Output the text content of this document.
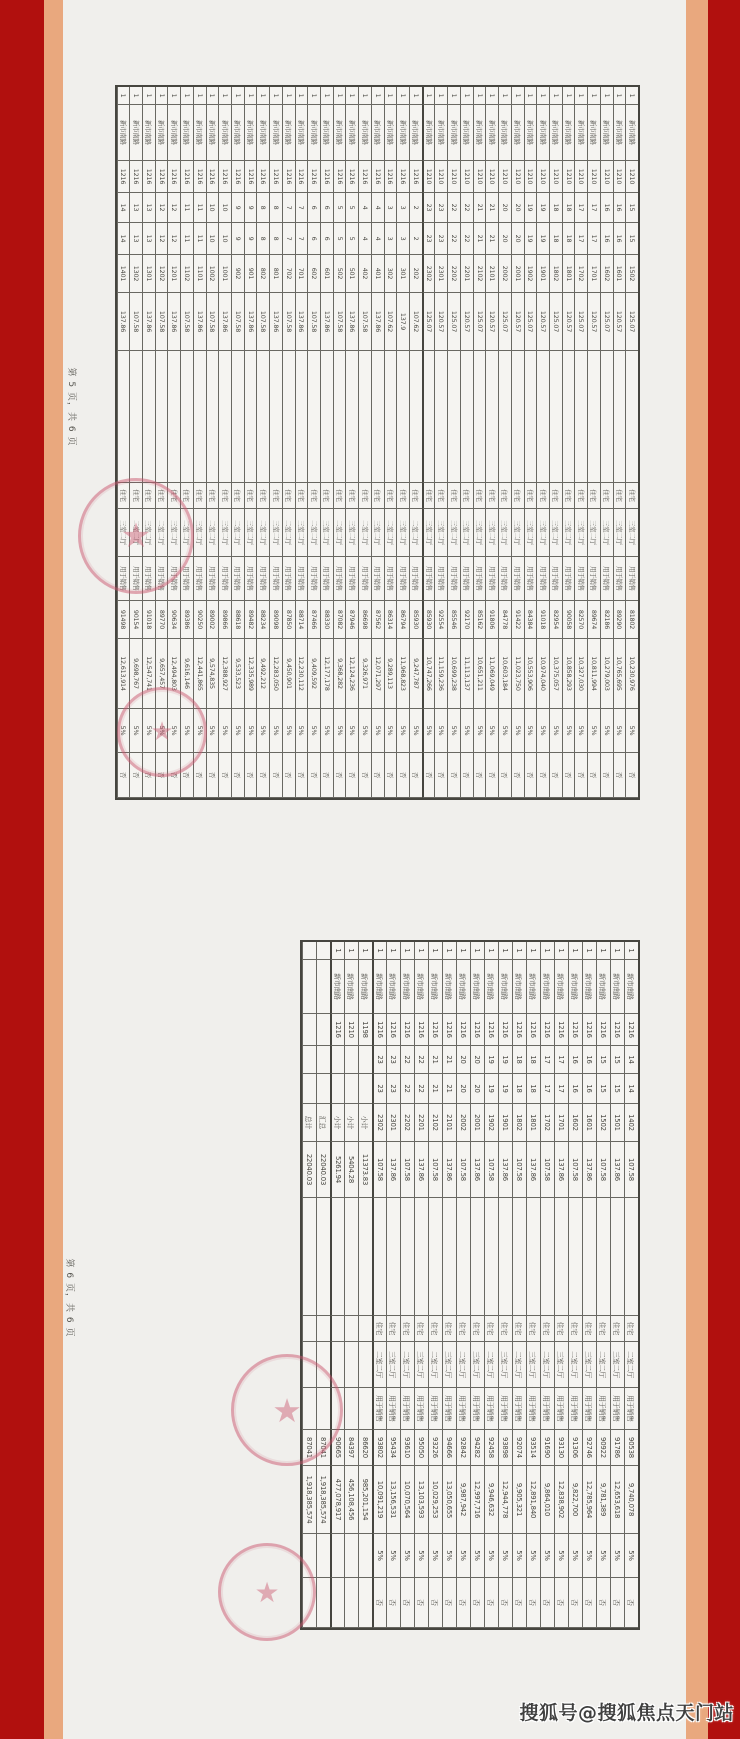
1
新市南路
1210
15
15
1502
125.07
住宅
三室二厅
用于销售
81802
10,230,976
5%
否
1
新市南路
1210
16
16
1601
120.57
住宅
三室二厅
用于销售
89290
10,765,695
5%
否
1
新市南路
1210
16
16
1602
125.07
住宅
三室二厅
用于销售
82186
10,279,003
5%
否
1
新市南路
1210
17
17
1701
120.57
住宅
三室二厅
用于销售
89674
10,811,994
5%
否
1
新市南路
1210
17
17
1702
125.07
住宅
三室二厅
用于销售
82570
10,327,030
5%
否
1
新市南路
1210
18
18
1801
120.57
住宅
三室二厅
用于销售
90058
10,858,293
5%
否
1
新市南路
1210
18
18
1802
125.07
住宅
三室二厅
用于销售
82954
10,375,057
5%
否
1
新市南路
1210
19
19
1901
120.57
住宅
三室二厅
用于销售
91018
10,974,040
5%
否
1
新市南路
1210
19
19
1902
125.07
住宅
三室二厅
用于销售
84384
10,553,906
5%
否
1
新市南路
1210
20
20
2001
120.57
住宅
三室二厅
用于销售
91422
11,023,750
5%
否
1
新市南路
1210
20
20
2002
125.07
住宅
三室二厅
用于销售
84778
10,603,184
5%
否
1
新市南路
1210
21
21
2101
120.57
住宅
三室二厅
用于销售
91806
11,069,049
5%
否
1
新市南路
1210
21
21
2102
125.07
住宅
三室二厅
用于销售
85162
10,651,211
5%
否
1
新市南路
1210
22
22
2201
120.57
住宅
三室二厅
用于销售
92170
11,113,137
5%
否
1
新市南路
1210
22
22
2202
125.07
住宅
三室二厅
用于销售
85546
10,699,238
5%
否
1
新市南路
1210
23
23
2301
120.57
住宅
三室二厅
用于销售
92554
11,159,236
5%
否
1
新市南路
1210
23
23
2302
125.07
住宅
三室二厅
用于销售
85930
10,747,266
5%
否
1
新市南路
1216
2
2
202
107.62
住宅
二室二厅
用于销售
85930
9,247,787
5%
否
1
新市南路
1216
3
3
301
137.9
住宅
三室二厅
用于销售
86794
11,968,823
5%
否
1
新市南路
1216
3
3
302
107.62
住宅
二室二厅
用于销售
86314
9,289,113
5%
否
1
新市南路
1216
4
4
401
137.86
住宅
三室二厅
用于销售
87562
12,071,297
5%
否
1
新市南路
1216
4
4
402
107.58
住宅
二室二厅
用于销售
86698
9,326,971
5%
否
1
新市南路
1216
5
5
501
137.86
住宅
三室二厅
用于销售
87946
12,124,236
5%
否
1
新市南路
1216
5
5
502
107.58
住宅
二室二厅
用于销售
87082
9,368,282
5%
否
1
新市南路
1216
6
6
601
137.86
住宅
三室二厅
用于销售
88330
12,177,178
5%
否
1
新市南路
1216
6
6
602
107.58
住宅
二室二厅
用于销售
87466
9,409,592
5%
否
1
新市南路
1216
7
7
701
137.86
住宅
三室二厅
用于销售
88714
12,230,112
5%
否
1
新市南路
1216
7
7
702
107.58
住宅
二室二厅
用于销售
87850
9,450,901
5%
否
1
新市南路
1216
8
8
801
137.86
住宅
三室二厅
用于销售
89098
12,283,050
5%
否
1
新市南路
1216
8
8
802
107.58
住宅
二室二厅
用于销售
88234
9,492,212
5%
否
1
新市南路
1216
9
9
901
137.86
住宅
三室二厅
用于销售
89482
12,335,989
5%
否
1
新市南路
1216
9
9
902
107.58
住宅
二室二厅
用于销售
88618
9,533,523
5%
否
1
新市南路
1216
10
10
1001
137.86
住宅
三室二厅
用于销售
89866
12,388,927
5%
否
1
新市南路
1216
10
10
1002
107.58
住宅
二室二厅
用于销售
89002
9,574,835
5%
否
1
新市南路
1216
11
11
1101
137.86
住宅
三室二厅
用于销售
90250
12,441,865
5%
否
1
新市南路
1216
11
11
1102
107.58
住宅
二室二厅
用于销售
89386
9,616,146
5%
否
1
新市南路
1216
12
12
1201
137.86
住宅
三室二厅
用于销售
90634
12,494,803
5%
否
1
新市南路
1216
12
12
1202
107.58
住宅
二室二厅
用于销售
89770
9,657,457
5%
否
1
新市南路
1216
13
13
1301
137.86
住宅
三室二厅
用于销售
91018
12,547,741
5%
否
1
新市南路
1216
13
13
1302
107.58
住宅
二室二厅
用于销售
90154
9,698,767
5%
否
1
新市南路
1216
14
14
1401
137.86
住宅
三室二厅
用于销售
91498
12,613,914
5%
否
1
新市南路
1216
14
14
1402
107.58
住宅
二室二厅
用于销售
90538
9,740,078
5%
否
1
新市南路
1216
15
15
1501
137.86
住宅
三室二厅
用于销售
91786
12,653,618
5%
否
1
新市南路
1216
15
15
1502
107.58
住宅
二室二厅
用于销售
90922
9,781,389
5%
否
1
新市南路
1216
16
16
1601
137.86
住宅
三室二厅
用于销售
92746
12,785,964
5%
否
1
新市南路
1216
16
16
1602
107.58
住宅
二室二厅
用于销售
91306
9,822,700
5%
否
1
新市南路
1216
17
17
1701
137.86
住宅
三室二厅
用于销售
93130
12,838,902
5%
否
1
新市南路
1216
17
17
1702
107.58
住宅
二室二厅
用于销售
91690
9,864,010
5%
否
1
新市南路
1216
18
18
1801
137.86
住宅
三室二厅
用于销售
93514
12,891,840
5%
否
1
新市南路
1216
18
18
1802
107.58
住宅
二室二厅
用于销售
92074
9,905,321
5%
否
1
新市南路
1216
19
19
1901
137.86
住宅
三室二厅
用于销售
93898
12,944,778
5%
否
1
新市南路
1216
19
19
1902
107.58
住宅
二室二厅
用于销售
92458
9,946,632
5%
否
1
新市南路
1216
20
20
2001
137.86
住宅
三室二厅
用于销售
94282
12,997,716
5%
否
1
新市南路
1216
20
20
2002
107.58
住宅
二室二厅
用于销售
92842
9,987,942
5%
否
1
新市南路
1216
21
21
2101
137.86
住宅
三室二厅
用于销售
94666
13,050,655
5%
否
1
新市南路
1216
21
21
2102
107.58
住宅
二室二厅
用于销售
93226
10,029,253
5%
否
1
新市南路
1216
22
22
2201
137.86
住宅
三室二厅
用于销售
95050
13,103,593
5%
否
1
新市南路
1216
22
22
2202
107.58
住宅
二室二厅
用于销售
93610
10,070,564
5%
否
1
新市南路
1216
23
23
2301
137.86
住宅
三室二厅
用于销售
95434
13,156,531
5%
否
1
新市南路
1216
23
23
2302
107.58
住宅
二室二厅
用于销售
93802
10,091,219
5%
否
1
新市南路
1198
小计
11373.83
86620
985,201,154
1
新市南路
1210
小计
5404.28
84397
456,108,456
1
新市南路
1216
小计
5261.94
90665
477,078,917
汇总
22040.03
87041
1,918,385,574
总计
22040.03
87041
1,918,385,574
第 5 页，共 6 页
第 6 页，共 6 页
★
★
★
★
搜狐号@搜狐焦点天门站
